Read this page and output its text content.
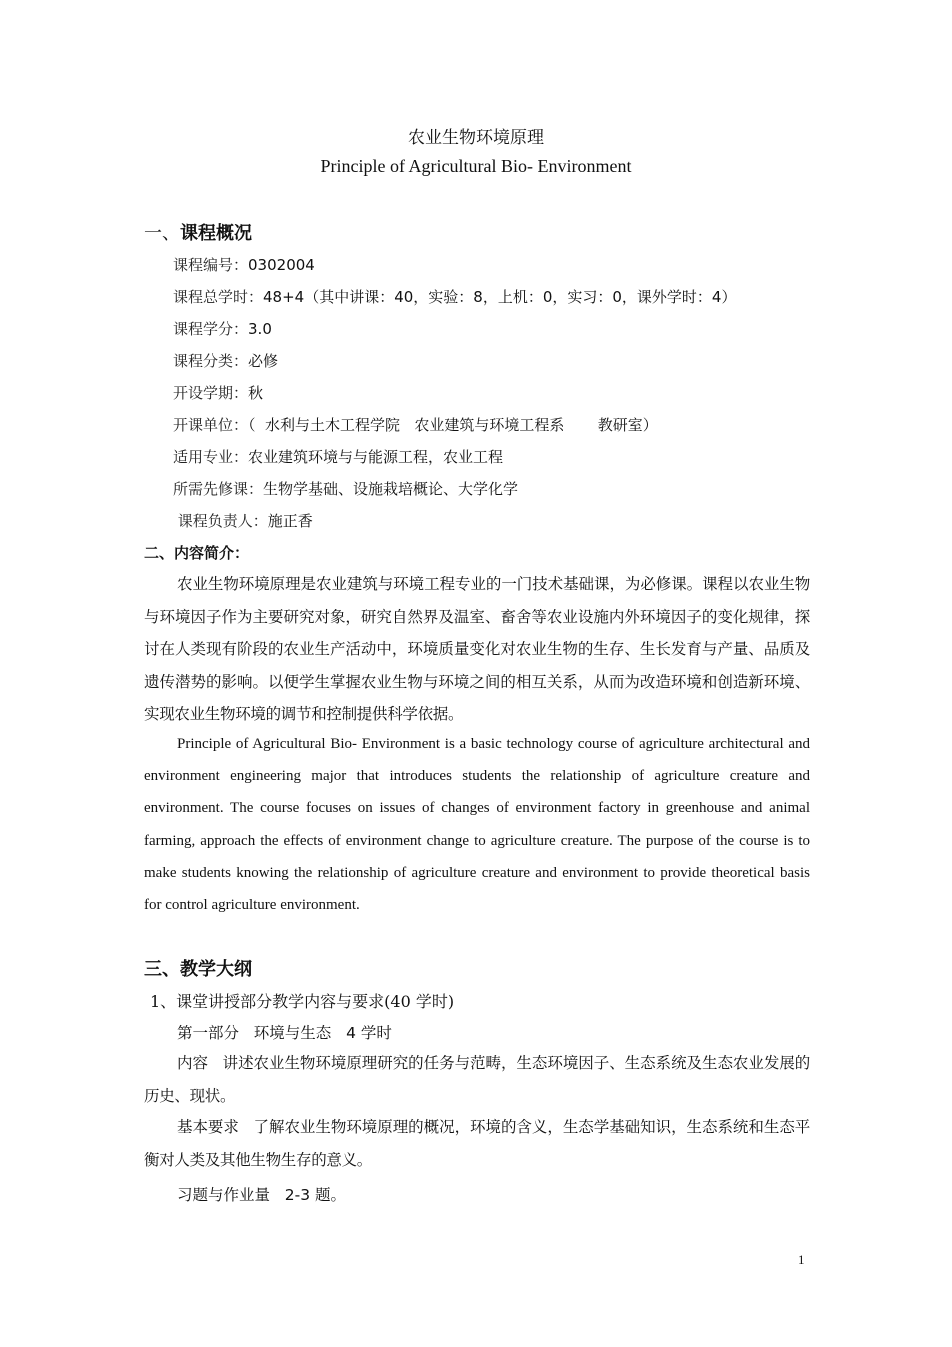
农业生物环境原理
Principle of Agricultural Bio- Environment
一、课程概况
课程编号：0302004
课程总学时：48+4（其中讲课：40，实验：8，上机：0，实习：0，课外学时：4）
课程学分：3.0
课程分类：必修
开设学期：秋
开课单位：（  水利与土木工程学院   农业建筑与环境工程系       教研室）
适用专业：农业建筑环境与与能源工程，农业工程
所需先修课：生物学基础、设施栽培概论、大学化学
课程负责人：施正香
二、内容简介：
农业生物环境原理是农业建筑与环境工程专业的一门技术基础课，为必修课。课程以农业生物与环境因子作为主要研究对象，研究自然界及温室、畜舍等农业设施内外环境因子的变化规律，探讨在人类现有阶段的农业生产活动中，环境质量变化对农业生物的生存、生长发育与产量、品质及遗传潜势的影响。以便学生掌握农业生物与环境之间的相互关系，从而为改造环境和创造新环境、实现农业生物环境的调节和控制提供科学依据。
Principle of Agricultural Bio- Environment is a basic technology course of agriculture architectural and environment engineering major that introduces students the relationship of agriculture creature and environment. The course focuses on issues of changes of environment factory in greenhouse and animal farming, approach the effects of environment change to agriculture creature. The purpose of the course is to make students knowing the relationship of agriculture creature and environment to provide theoretical basis for control agriculture environment.
三、教学大纲
1、课堂讲授部分教学内容与要求(40 学时)
第一部分   环境与生态   4 学时
内容   讲述农业生物环境原理研究的任务与范畴，生态环境因子、生态系统及生态农业发展的历史、现状。
基本要求   了解农业生物环境原理的概况，环境的含义，生态学基础知识，生态系统和生态平衡对人类及其他生物生存的意义。
习题与作业量   2-3 题。
1
